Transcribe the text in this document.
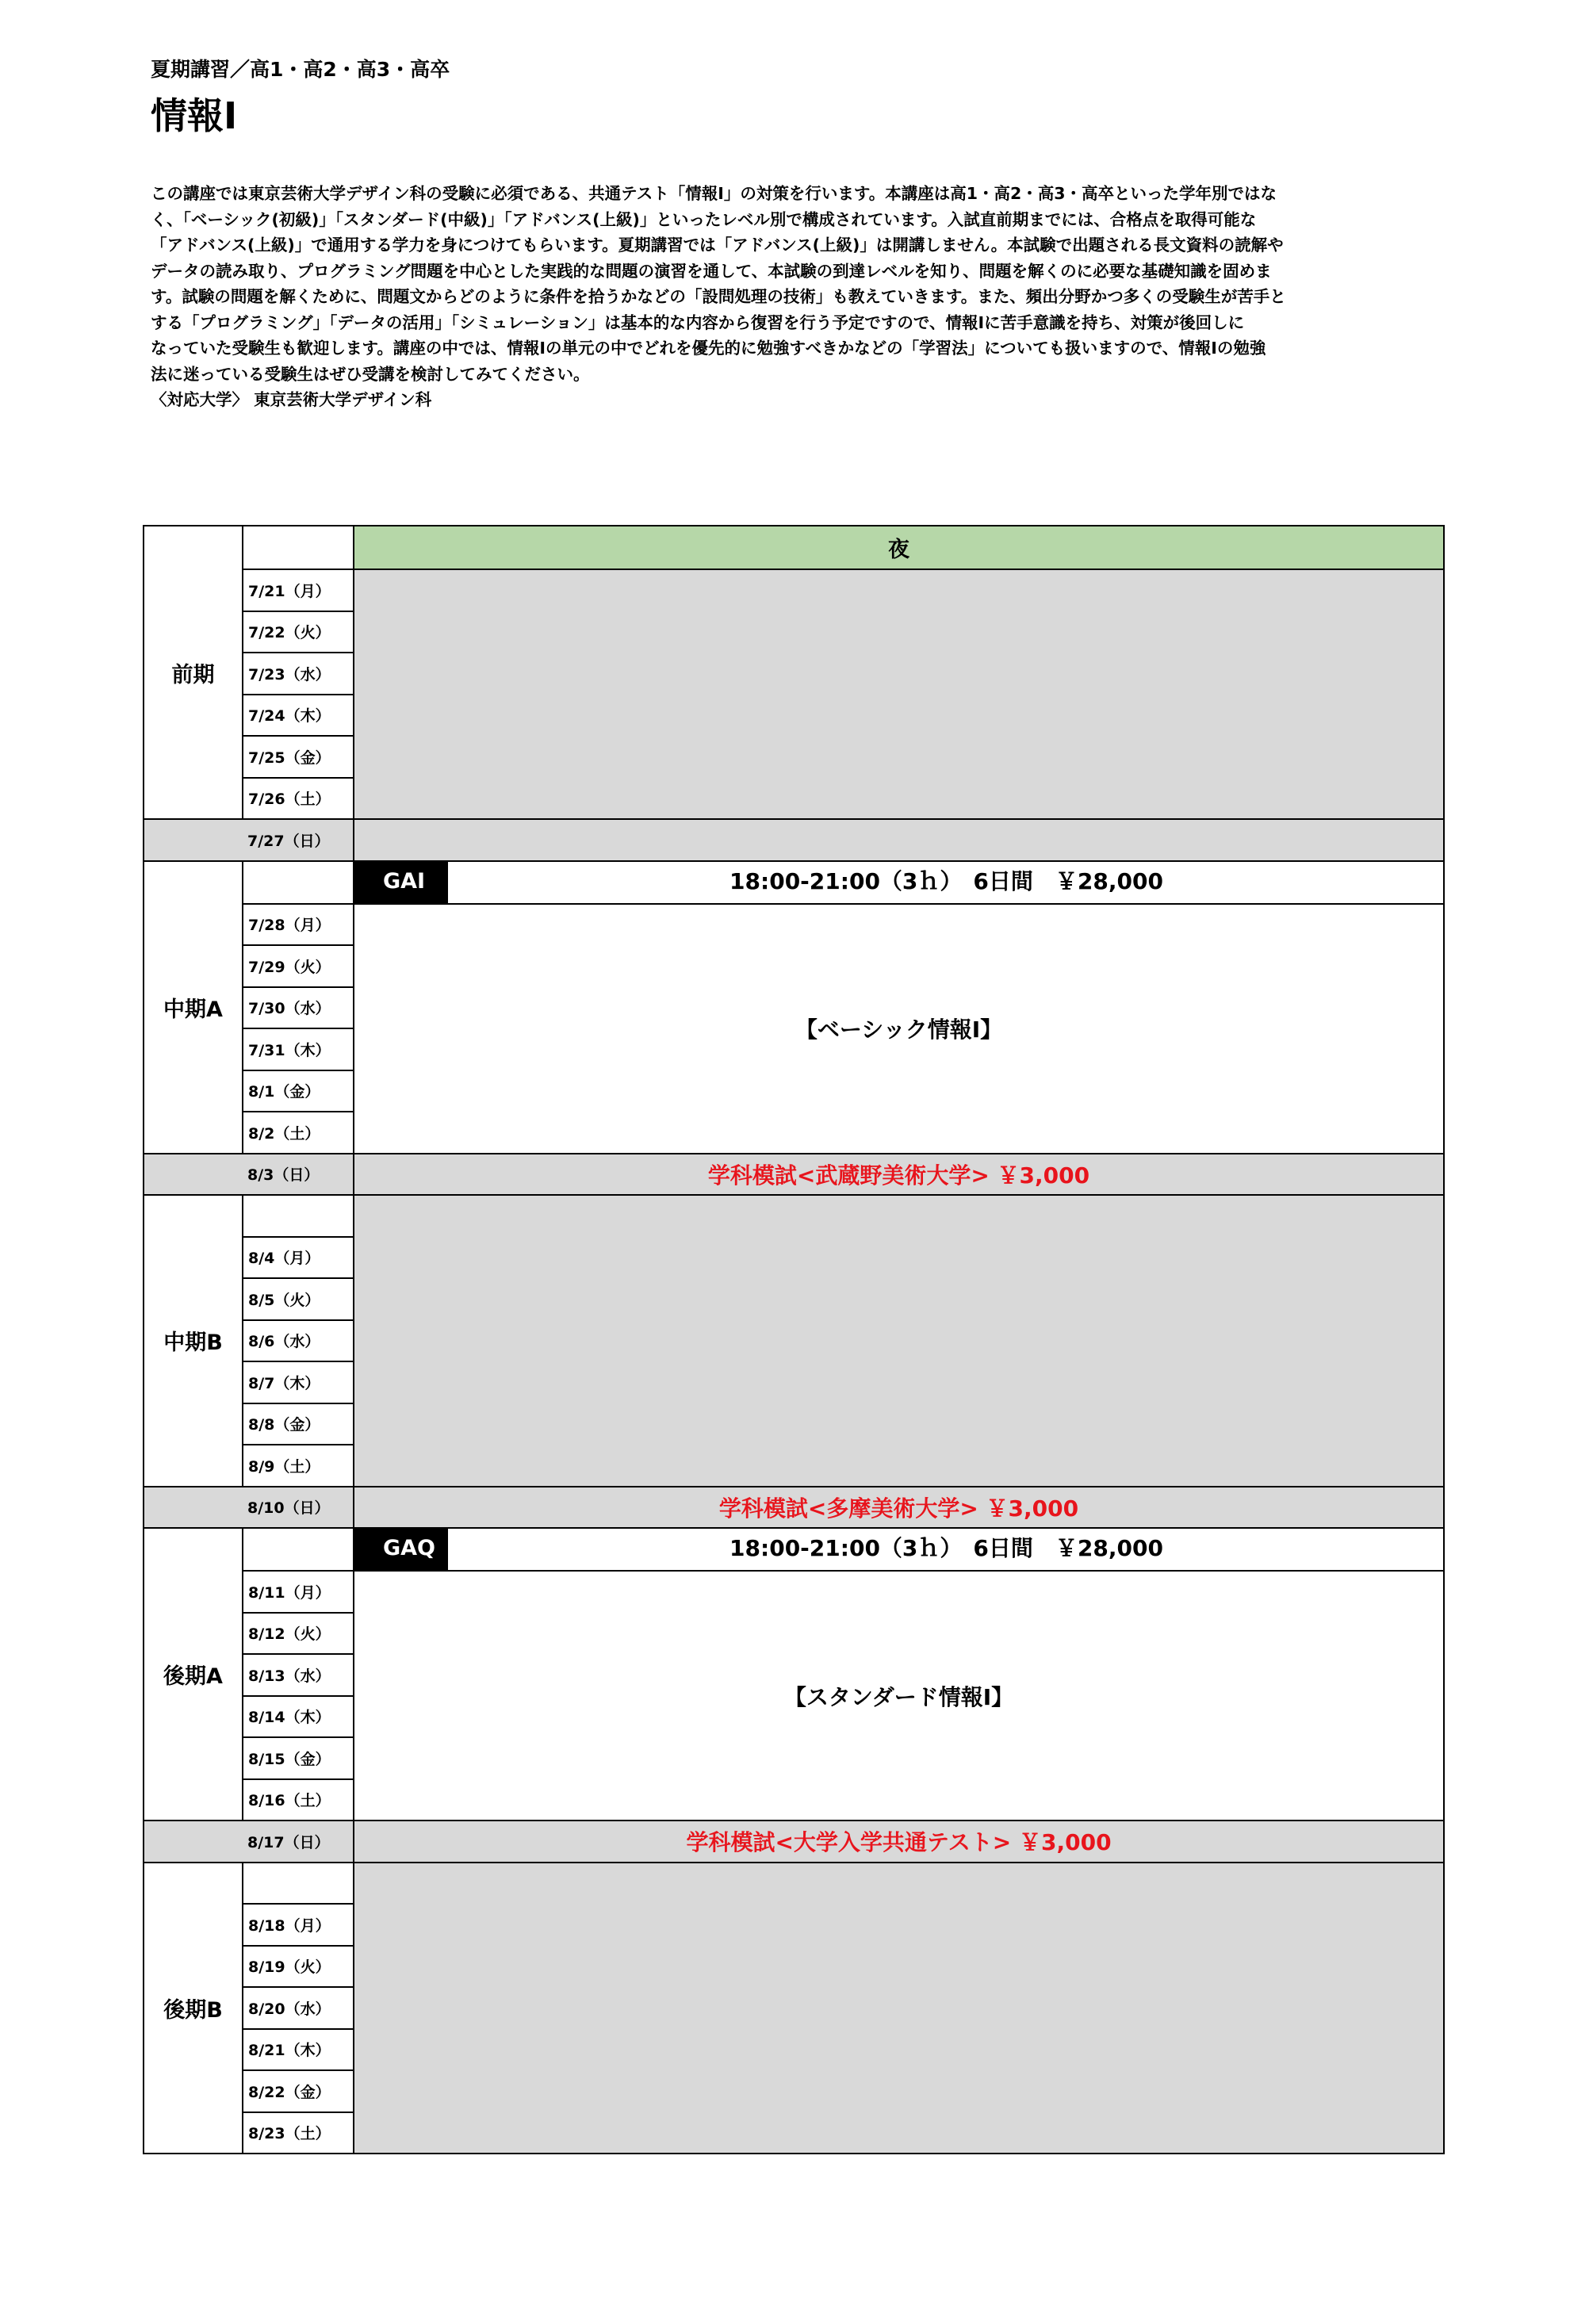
夏期講習／高1・高2・高3・高卒
情報Ⅰ

この講座では東京芸術大学デザイン科の受験に必須である、共通テスト「情報Ⅰ」の対策を行います。本講座は高1・高2・高3・高卒といった学年別ではな

く、「ベーシック(初級)」「スタンダード(中級)」「アドバンス(上級)」といったレベル別で構成されています。入試直前期までには、合格点を取得可能な

「アドバンス(上級)」で通用する学力を身につけてもらいます。夏期講習では「アドバンス(上級)」は開講しません。本試験で出題される長文資料の読解や

データの読み取り、プログラミング問題を中心とした実践的な問題の演習を通して、本試験の到達レベルを知り、問題を解くのに必要な基礎知識を固めま

す。試験の問題を解くために、問題文からどのように条件を拾うかなどの「設問処理の技術」も教えていきます。また、頻出分野かつ多くの受験生が苦手と

する「プログラミング」「データの活用」「シミュレーション」は基本的な内容から復習を行う予定ですので、情報Ⅰに苦手意識を持ち、対策が後回しに

なっていた受験生も歓迎します。講座の中では、情報Ⅰの単元の中でどれを優先的に勉強すべきかなどの「学習法」についても扱いますので、情報Ⅰの勉強

法に迷っている受験生はぜひ受講を検討してみてください。

〈対応大学〉 東京芸術大学デザイン科

前期		夜
	7/21（月）	
	7/22（火）	
	7/23（水）	
	7/24（木）	
	7/25（金）	
	7/26（土）	
7/27（日）		
中期A		GAI 18:00-21:00（3ｈ）　6日間　￥28,000

	7/28（月）	【ベーシック情報Ⅰ】
	7/29（火）	
	7/30（水）	
	7/31（木）	
	8/1（金）	
	8/2（土）	
8/3（日）		学科模試<武蔵野美術大学> ￥3,000
中期B		
	8/4（月）	
	8/5（火）	
	8/6（水）	
	8/7（木）	
	8/8（金）	
	8/9（土）	
8/10（日）		学科模試<多摩美術大学> ￥3,000
後期A		GAQ 18:00-21:00（3ｈ）　6日間　￥28,000

	8/11（月）	【スタンダード情報Ⅰ】
	8/12（火）	
	8/13（水）	
	8/14（木）	
	8/15（金）	
	8/16（土）	
8/17（日）		学科模試<大学入学共通テスト> ￥3,000
後期B		
	8/18（月）	
	8/19（火）	
	8/20（水）	
	8/21（木）	
	8/22（金）	
	8/23（土）	
